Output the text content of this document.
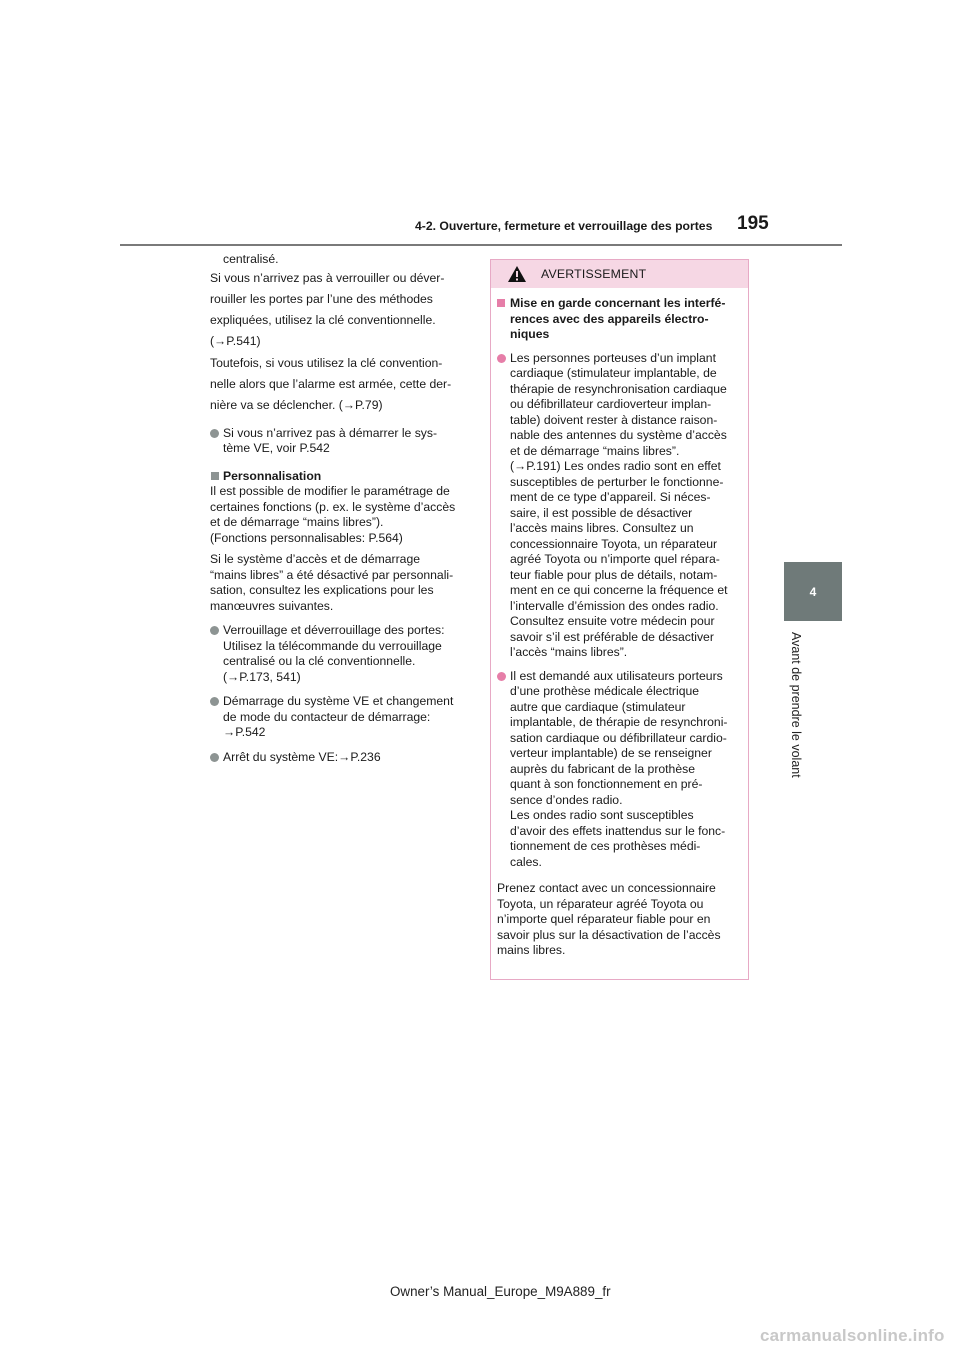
4-2. Ouverture, fermeture et verrouillage des portes 195
4
Avant de prendre le volant

centralisé.

Si vous n’arrivez pas à verrouiller ou déver-

rouiller les portes par l’une des méthodes

expliquées, utilisez la clé conventionnelle.

(→P.541)

Toutefois, si vous utilisez la clé convention-

nelle alors que l’alarme est armée, cette der-

nière va se déclencher. (→P.79)

Si vous n’arrivez pas à démarrer le sys-

tème VE, voir P.542

Personnalisation

Il est possible de modifier le paramétrage de

certaines fonctions (p. ex. le système d’accès

et de démarrage “mains libres”).

(Fonctions personnalisables: P.564)

Si le système d’accès et de démarrage

“mains libres” a été désactivé par personnali-

sation, consultez les explications pour les

manœuvres suivantes.

Verrouillage et déverrouillage des portes:

Utilisez la télécommande du verrouillage

centralisé ou la clé conventionnelle.

(→P.173, 541)

Démarrage du système VE et changement

de mode du contacteur de démarrage:

→P.542

Arrêt du système VE:→P.236

AVERTISSEMENT

Mise en garde concernant les interfé-

rences avec des appareils électro-

niques

Les personnes porteuses d’un implant

cardiaque (stimulateur implantable, de

thérapie de resynchronisation cardiaque

ou défibrillateur cardioverteur implan-

table) doivent rester à distance raison-

nable des antennes du système d’accès

et de démarrage “mains libres”.

(→P.191) Les ondes radio sont en effet

susceptibles de perturber le fonctionne-

ment de ce type d’appareil. Si néces-

saire, il est possible de désactiver

l’accès mains libres. Consultez un

concessionnaire Toyota, un réparateur

agréé Toyota ou n’importe quel répara-

teur fiable pour plus de détails, notam-

ment en ce qui concerne la fréquence et

l’intervalle d’émission des ondes radio.

Consultez ensuite votre médecin pour

savoir s’il est préférable de désactiver

l’accès “mains libres”.

Il est demandé aux utilisateurs porteurs

d’une prothèse médicale électrique

autre que cardiaque (stimulateur

implantable, de thérapie de resynchroni-

sation cardiaque ou défibrillateur cardio-

verteur implantable) de se renseigner

auprès du fabricant de la prothèse

quant à son fonctionnement en pré-

sence d’ondes radio.

Les ondes radio sont susceptibles

d’avoir des effets inattendus sur le fonc-

tionnement de ces prothèses médi-

cales.

Prenez contact avec un concessionnaire

Toyota, un réparateur agréé Toyota ou

n’importe quel réparateur fiable pour en

savoir plus sur la désactivation de l’accès

mains libres.

Owner’s Manual_Europe_M9A889_fr
carmanualsonline.info
